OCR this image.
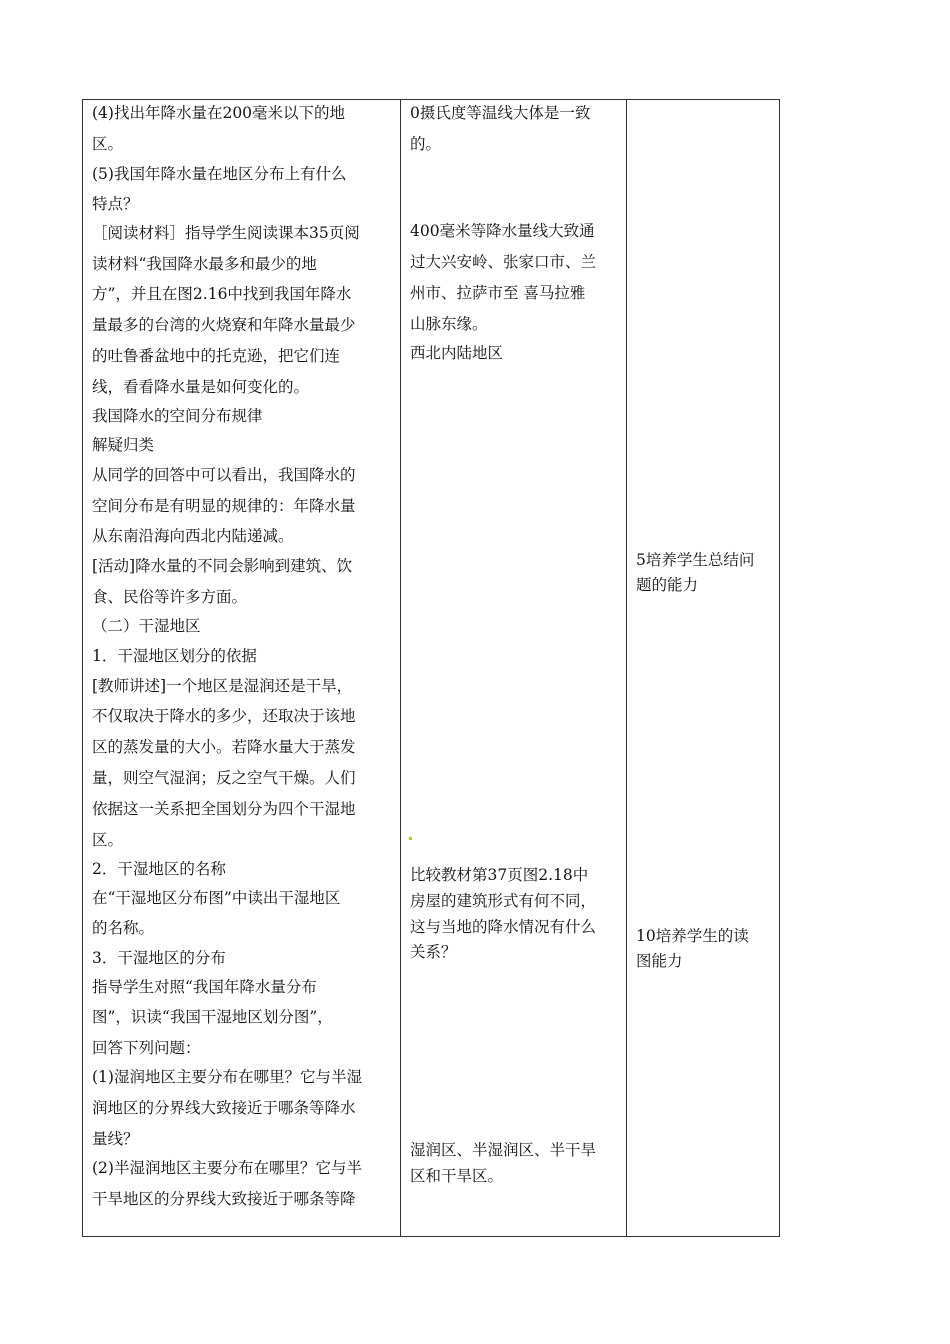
(4)找出年降水量在200毫米以下的地
区。
(5)我国年降水量在地区分布上有什么
特点？
［阅读材料］指导学生阅读课本35页阅
读材料“我国降水最多和最少的地
方”，并且在图2.16中找到我国年降水
量最多的台湾的火烧寮和年降水量最少
的吐鲁番盆地中的托克逊，把它们连
线，看看降水量是如何变化的。
我国降水的空间分布规律
解疑归类
从同学的回答中可以看出，我国降水的
空间分布是有明显的规律的：年降水量
从东南沿海向西北内陆递减。
[活动]降水量的不同会影响到建筑、饮
食、民俗等许多方面。
（二）干湿地区
1．干湿地区划分的依据
[教师讲述]一个地区是湿润还是干旱，
不仅取决于降水的多少，还取决于该地
区的蒸发量的大小。若降水量大于蒸发
量，则空气湿润；反之空气干燥。人们
依据这一关系把全国划分为四个干湿地
区。
2．干湿地区的名称
在“干湿地区分布图”中读出干湿地区
的名称。
3．干湿地区的分布
指导学生对照“我国年降水量分布
图”，识读“我国干湿地区划分图”，
回答下列问题：
(1)湿润地区主要分布在哪里？它与半湿
润地区的分界线大致接近于哪条等降水
量线？
(2)半湿润地区主要分布在哪里？它与半
干旱地区的分界线大致接近于哪条等降
0摄氏度等温线大体是一致
的。
400毫米等降水量线大致通
过大兴安岭、张家口市、兰
州市、拉萨市至 喜马拉雅
山脉东缘。
西北内陆地区
比较教材第37页图2.18中
房屋的建筑形式有何不同，
这与当地的降水情况有什么
关系？
湿润区、半湿润区、半干旱
区和干旱区。
5培养学生总结问
题的能力
10培养学生的读
图能力
